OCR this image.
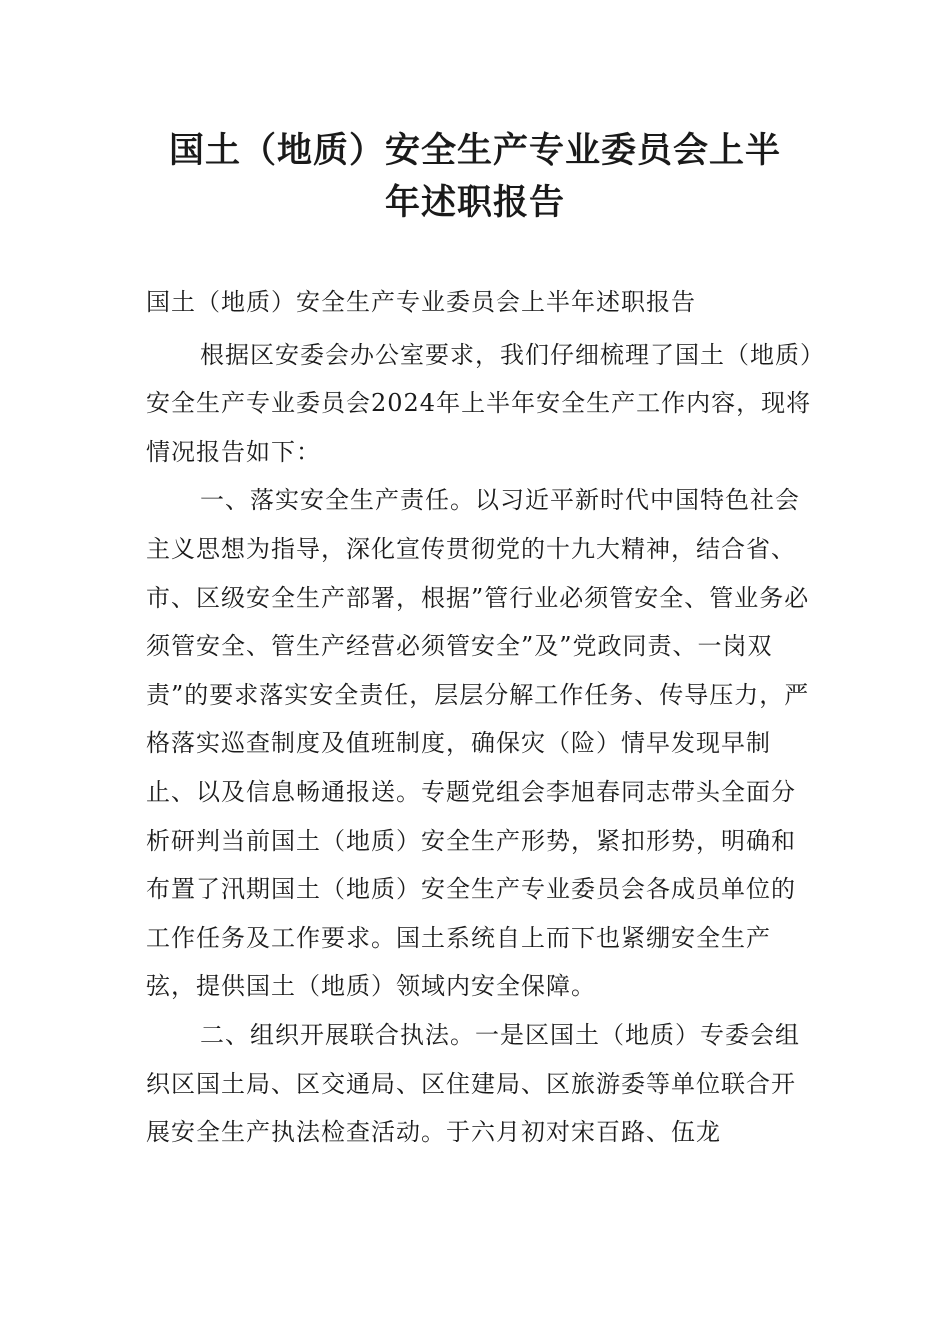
国土（地质）安全生产专业委员会上半
年述职报告

国土（地质）安全生产专业委员会上半年述职报告

根据区安委会办公室要求，我们仔细梳理了国土（地质）安全生产专业委员会2024年上半年安全生产工作内容，现将情况报告如下：

一、落实安全生产责任。以习近平新时代中国特色社会主义思想为指导，深化宣传贯彻党的十九大精神，结合省、市、区级安全生产部署，根据”管行业必须管安全、管业务必须管安全、管生产经营必须管安全”及”党政同责、一岗双责”的要求落实安全责任，层层分解工作任务、传导压力，严格落实巡查制度及值班制度，确保灾（险）情早发现早制止、以及信息畅通报送。专题党组会李旭春同志带头全面分析研判当前国土（地质）安全生产形势，紧扣形势，明确和布置了汛期国土（地质）安全生产专业委员会各成员单位的工作任务及工作要求。国土系统自上而下也紧绷安全生产弦，提供国土（地质）领域内安全保障。

二、组织开展联合执法。一是区国土（地质）专委会组织区国土局、区交通局、区住建局、区旅游委等单位联合开展安全生产执法检查活动。于六月初对宋百路、伍龙
